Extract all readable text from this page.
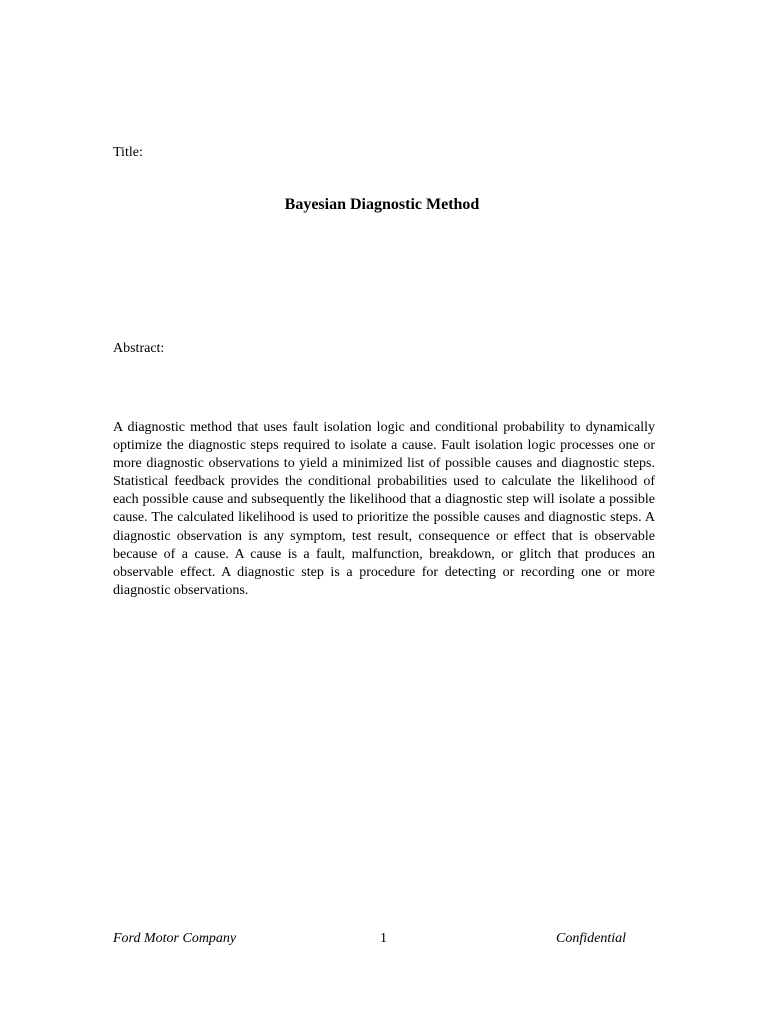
Title:
Bayesian Diagnostic Method
Abstract:
A diagnostic method that uses fault isolation logic and conditional probability to dynamically optimize the diagnostic steps required to isolate a cause. Fault isolation logic processes one or more diagnostic observations to yield a minimized list of possible causes and diagnostic steps. Statistical feedback provides the conditional probabilities used to calculate the likelihood of each possible cause and subsequently the likelihood that a diagnostic step will isolate a possible cause. The calculated likelihood is used to prioritize the possible causes and diagnostic steps. A diagnostic observation is any symptom, test result, consequence or effect that is observable because of a cause. A cause is a fault, malfunction, breakdown, or glitch that produces an observable effect. A diagnostic step is a procedure for detecting or recording one or more diagnostic observations.
Ford Motor Company	1	Confidential
